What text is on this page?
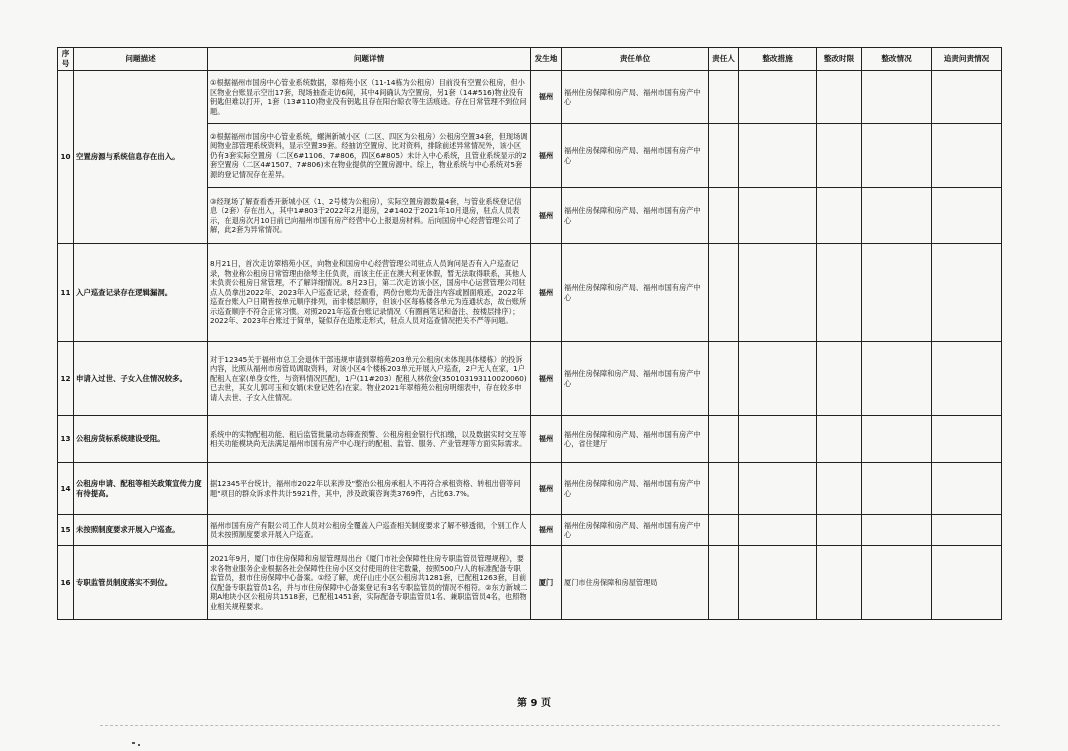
序号	问题描述	问题详情	发生地	责任单位	责任人	整改措施	整改时限	整改情况	追责问责情况
10	空置房源与系统信息存在出入。	①根据福州市国房中心管业系统数据，翠榕苑小区（11-14栋为公租房）目前没有空置公租房，但小区物业台账显示空出17套，现场抽查走访6间，其中4间确认为空置房，另1套（14#516)物业没有钥匙但难以打开，1套（13#110)物业没有钥匙且存在阳台晾衣等生活痕迹。存在日常管理不到位问题。	福州	福州住房保障和房产局、福州市国有房产中心					

		②根据福州市国房中心管业系统，螺洲新城小区（二区、四区为公租房）公租房空置34套，但现场调阅物业部管理系统资料，显示空置39套。经抽访空置房、比对资料，排除前述异常情况外，该小区仍有3套实际空置房（二区6#1106、7#806，四区6#805）未计入中心系统，且管业系统显示的2套空置房（二区4#1507、7#806)未在物业提供的空置房源中。综上，物业系统与中心系统对5套源的登记情况存在差异。	福州	福州住房保障和房产局、福州市国有房产中心					

		③经现场了解查看香开新城小区（1、2号楼为公租房），实际空置房源数量4套，与管业系统登记信息（2套）存在出入，其中1#803于2022年2月退房，2#1402于2021年10月退房，驻点人员表示，在退房次月10日前已向福州市国有房产经营中心上报退房材料。后向国房中心经营管理公司了解，此2套为异常情况。	福州	福州住房保障和房产局、福州市国有房产中心					
11	入户巡查记录存在逻辑漏洞。	8月21日，首次走访翠榕苑小区，向物业和国房中心经营管理公司驻点人员询问是否有入户巡查记录，物业称公租房日常管理由徐琴主任负责，而该主任正在澳大利亚休假，暂无法取得联系，其他人未负责公租房日常管理，不了解详细情况。8月23日，第二次走访该小区，国房中心运营管理公司驻点人员拿出2022年、2023年入户巡查记录，经查看，两份台账均无备注内容或圆面痕迹，2022年巡查台账入户日期皆按单元顺序排列，而非楼层顺序，但该小区每栋楼各单元为连通状态，故台账所示巡查顺序不符合正常习惯。对照2021年巡查台账记录情况（有圈画笔记和备注、按楼层排序）；2022年、2023年台账过于简单，疑似存在造账走形式，驻点人员对巡查情况把关不严等问题。	福州	福州住房保障和房产局、福州市国有房产中心					
12	申请入过世、子女入住情况较多。	对于12345关于福州市总工会退休干部违规申请到翠榕苑203单元公租房(未体现具体楼栋）的投诉内容，比照从福州市房管局调取资料，对该小区4个楼栋203单元开展入户巡查，2户无人在家，1户配租人在家(单身女性，与资料情况匹配)，1户(11#203）配租人林依金(350103193110020060)已去世，其女儿郭可玉和女婿(未登记姓名)在家。物业2021年翠榕苑公租房明细表中，存在较多申请人去世、子女入住情况。	福州	福州住房保障和房产局、福州市国有房产中心					
13	公租房货标系统建设受阻。	系统中的实物配租功能、租后监管批量动态筛查预警、公租房租金银行代扣缴，以及数据实时交互等相关功能模块尚无法满足福州市国有房产中心现行的配租、监管、服务、产业管理等方面实际需求。	福州	福州住房保障和房产局、福州市国有房产中心，省住建厅					
14	公租房申请、配租等相关政策宣传力度有待提高。	据12345平台统计，福州市2022年以来涉及"整治公租房承租人不再符合承租资格、转租出借等问题"项目的群众诉求件共计5921件，其中，涉及政策咨询类3769件，占比63.7%。	福州	福州住房保障和房产局、福州市国有房产中心					
15	未按照制度要求开展入户巡查。	福州市国有房产有限公司工作人员对公租房全覆盖入户巡查相关制度要求了解不够透彻，个别工作人员未按照制度要求开展入户巡查。	福州	福州住房保障和房产局、福州市国有房产中心					
16	专职监管员制度落实不到位。	2021年9月，厦门市住房保障和房屋管理局出台《厦门市社会保障性住房专职监管员管理规程》，要求各物业服务企业根据各社会保障性住房小区交付使用的住宅数量，按照500户/人的标准配备专职监管员，报市住房保障中心备案。①经了解，虎仔山庄小区公租房共1281套，已配租1263套，目前仅配备专职监管员1名，并与市住房保障中心备案登记有3名专职监管员的情况不相符。②东方新城二期A地块小区公租房共1518套，已配租1451套，实际配备专职监管员1名、兼职监管员4名，也照物业相关规程要求。	厦门	厦门市住房保障和房屋管理局					
第 9 页
